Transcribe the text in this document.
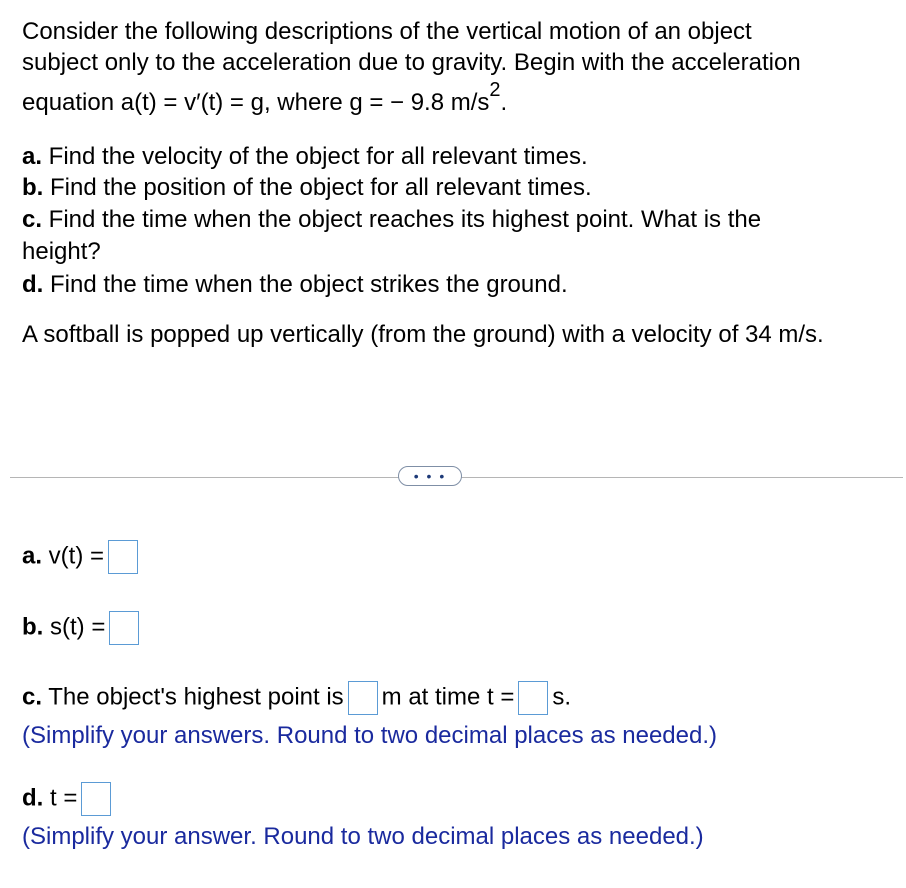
Consider the following descriptions of the vertical motion of an object
subject only to the acceleration due to gravity. Begin with the acceleration
equation a(t) = v′(t) = g, where g = − 9.8 $m/s^2$.
a. Find the velocity of the object for all relevant times.
b. Find the position of the object for all relevant times.
c. Find the time when the object reaches its highest point. What is the
height?
d. Find the time when the object strikes the ground.
A softball is popped up vertically (from the ground) with a velocity of 34 m/s.
• • •
a. v(t) =
b. s(t) =
c. The object's highest point is m at time t = s.
(Simplify your answers. Round to two decimal places as needed.)
d. t =
(Simplify your answer. Round to two decimal places as needed.)
